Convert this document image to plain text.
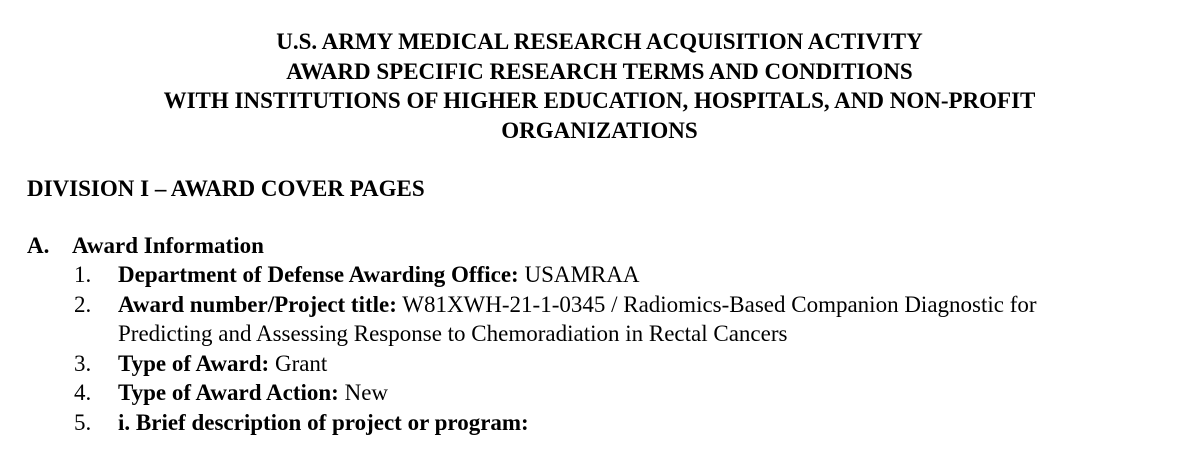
U.S. ARMY MEDICAL RESEARCH ACQUISITION ACTIVITY
AWARD SPECIFIC RESEARCH TERMS AND CONDITIONS
WITH INSTITUTIONS OF HIGHER EDUCATION, HOSPITALS, AND NON-PROFIT
ORGANIZATIONS
DIVISION I – AWARD COVER PAGES
A. Award Information
1. Department of Defense Awarding Office: USAMRAA
2. Award number/Project title: W81XWH-21-1-0345 / Radiomics-Based Companion Diagnostic for
Predicting and Assessing Response to Chemoradiation in Rectal Cancers
3. Type of Award: Grant
4. Type of Award Action: New
5. i. Brief description of project or program:
